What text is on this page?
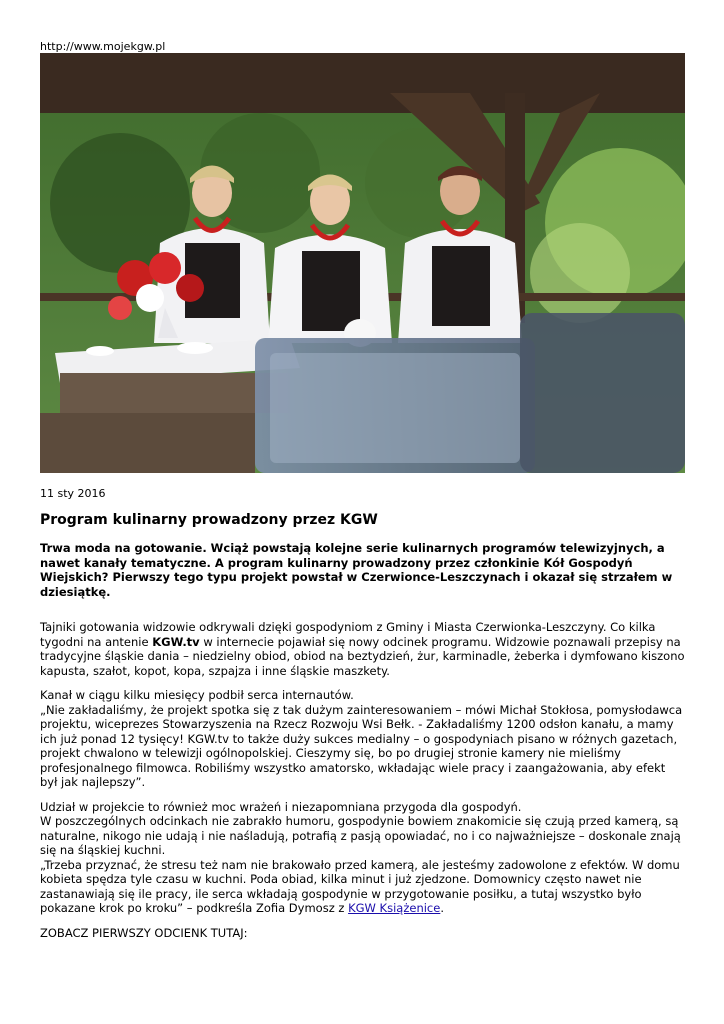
http://www.mojekgw.pl
11 sty 2016
Program kulinarny prowadzony przez KGW

Trwa moda na gotowanie. Wciąż powstają kolejne serie kulinarnych programów telewizyjnych, a nawet kanały tematyczne. A program kulinarny prowadzony przez członkinie Kół Gospodyń Wiejskich? Pierwszy tego typu projekt powstał w Czerwionce-Leszczynach i okazał się strzałem w dziesiątkę.

Tajniki gotowania widzowie odkrywali dzięki gospodyniom z Gminy i Miasta Czerwionka-Leszczyny. Co kilka tygodni na antenie KGW.tv w internecie pojawiał się nowy odcinek programu. Widzowie poznawali przepisy na tradycyjne śląskie dania – niedzielny obiod, obiod na beztydzień, żur, karminadle, żeberka i dymfowano kiszono kapusta, szałot, kopot, kopa, szpajza i inne śląskie maszkety.

Kanał w ciągu kilku miesięcy podbił serca internautów.
„Nie zakładaliśmy, że projekt spotka się z tak dużym zainteresowaniem – mówi Michał Stokłosa, pomysłodawca projektu, wiceprezes Stowarzyszenia na Rzecz Rozwoju Wsi Bełk. - Zakładaliśmy 1200 odsłon kanału, a mamy ich już ponad 12 tysięcy! KGW.tv to także duży sukces medialny – o gospodyniach pisano w różnych gazetach, projekt chwalono w telewizji ogólnopolskiej. Cieszymy się, bo po drugiej stronie kamery nie mieliśmy profesjonalnego filmowca. Robiliśmy wszystko amatorsko, wkładając wiele pracy i zaangażowania, aby efekt był jak najlepszy”.

Udział w projekcie to również moc wrażeń i niezapomniana przygoda dla gospodyń.
W poszczególnych odcinkach nie zabrakło humoru, gospodynie bowiem znakomicie się czują przed kamerą, są naturalne, nikogo nie udają i nie naśladują, potrafią z pasją opowiadać, no i co najważniejsze – doskonale znają się na śląskiej kuchni.
„Trzeba przyznać, że stresu też nam nie brakowało przed kamerą, ale jesteśmy zadowolone z efektów. W domu kobieta spędza tyle czasu w kuchni. Poda obiad, kilka minut i już zjedzone. Domownicy często nawet nie zastanawiają się ile pracy, ile serca wkładają gospodynie w przygotowanie posiłku, a tutaj wszystko było pokazane krok po kroku” – podkreśla Zofia Dymosz z KGW Książenice.

ZOBACZ PIERWSZY ODCIENK TUTAJ:
